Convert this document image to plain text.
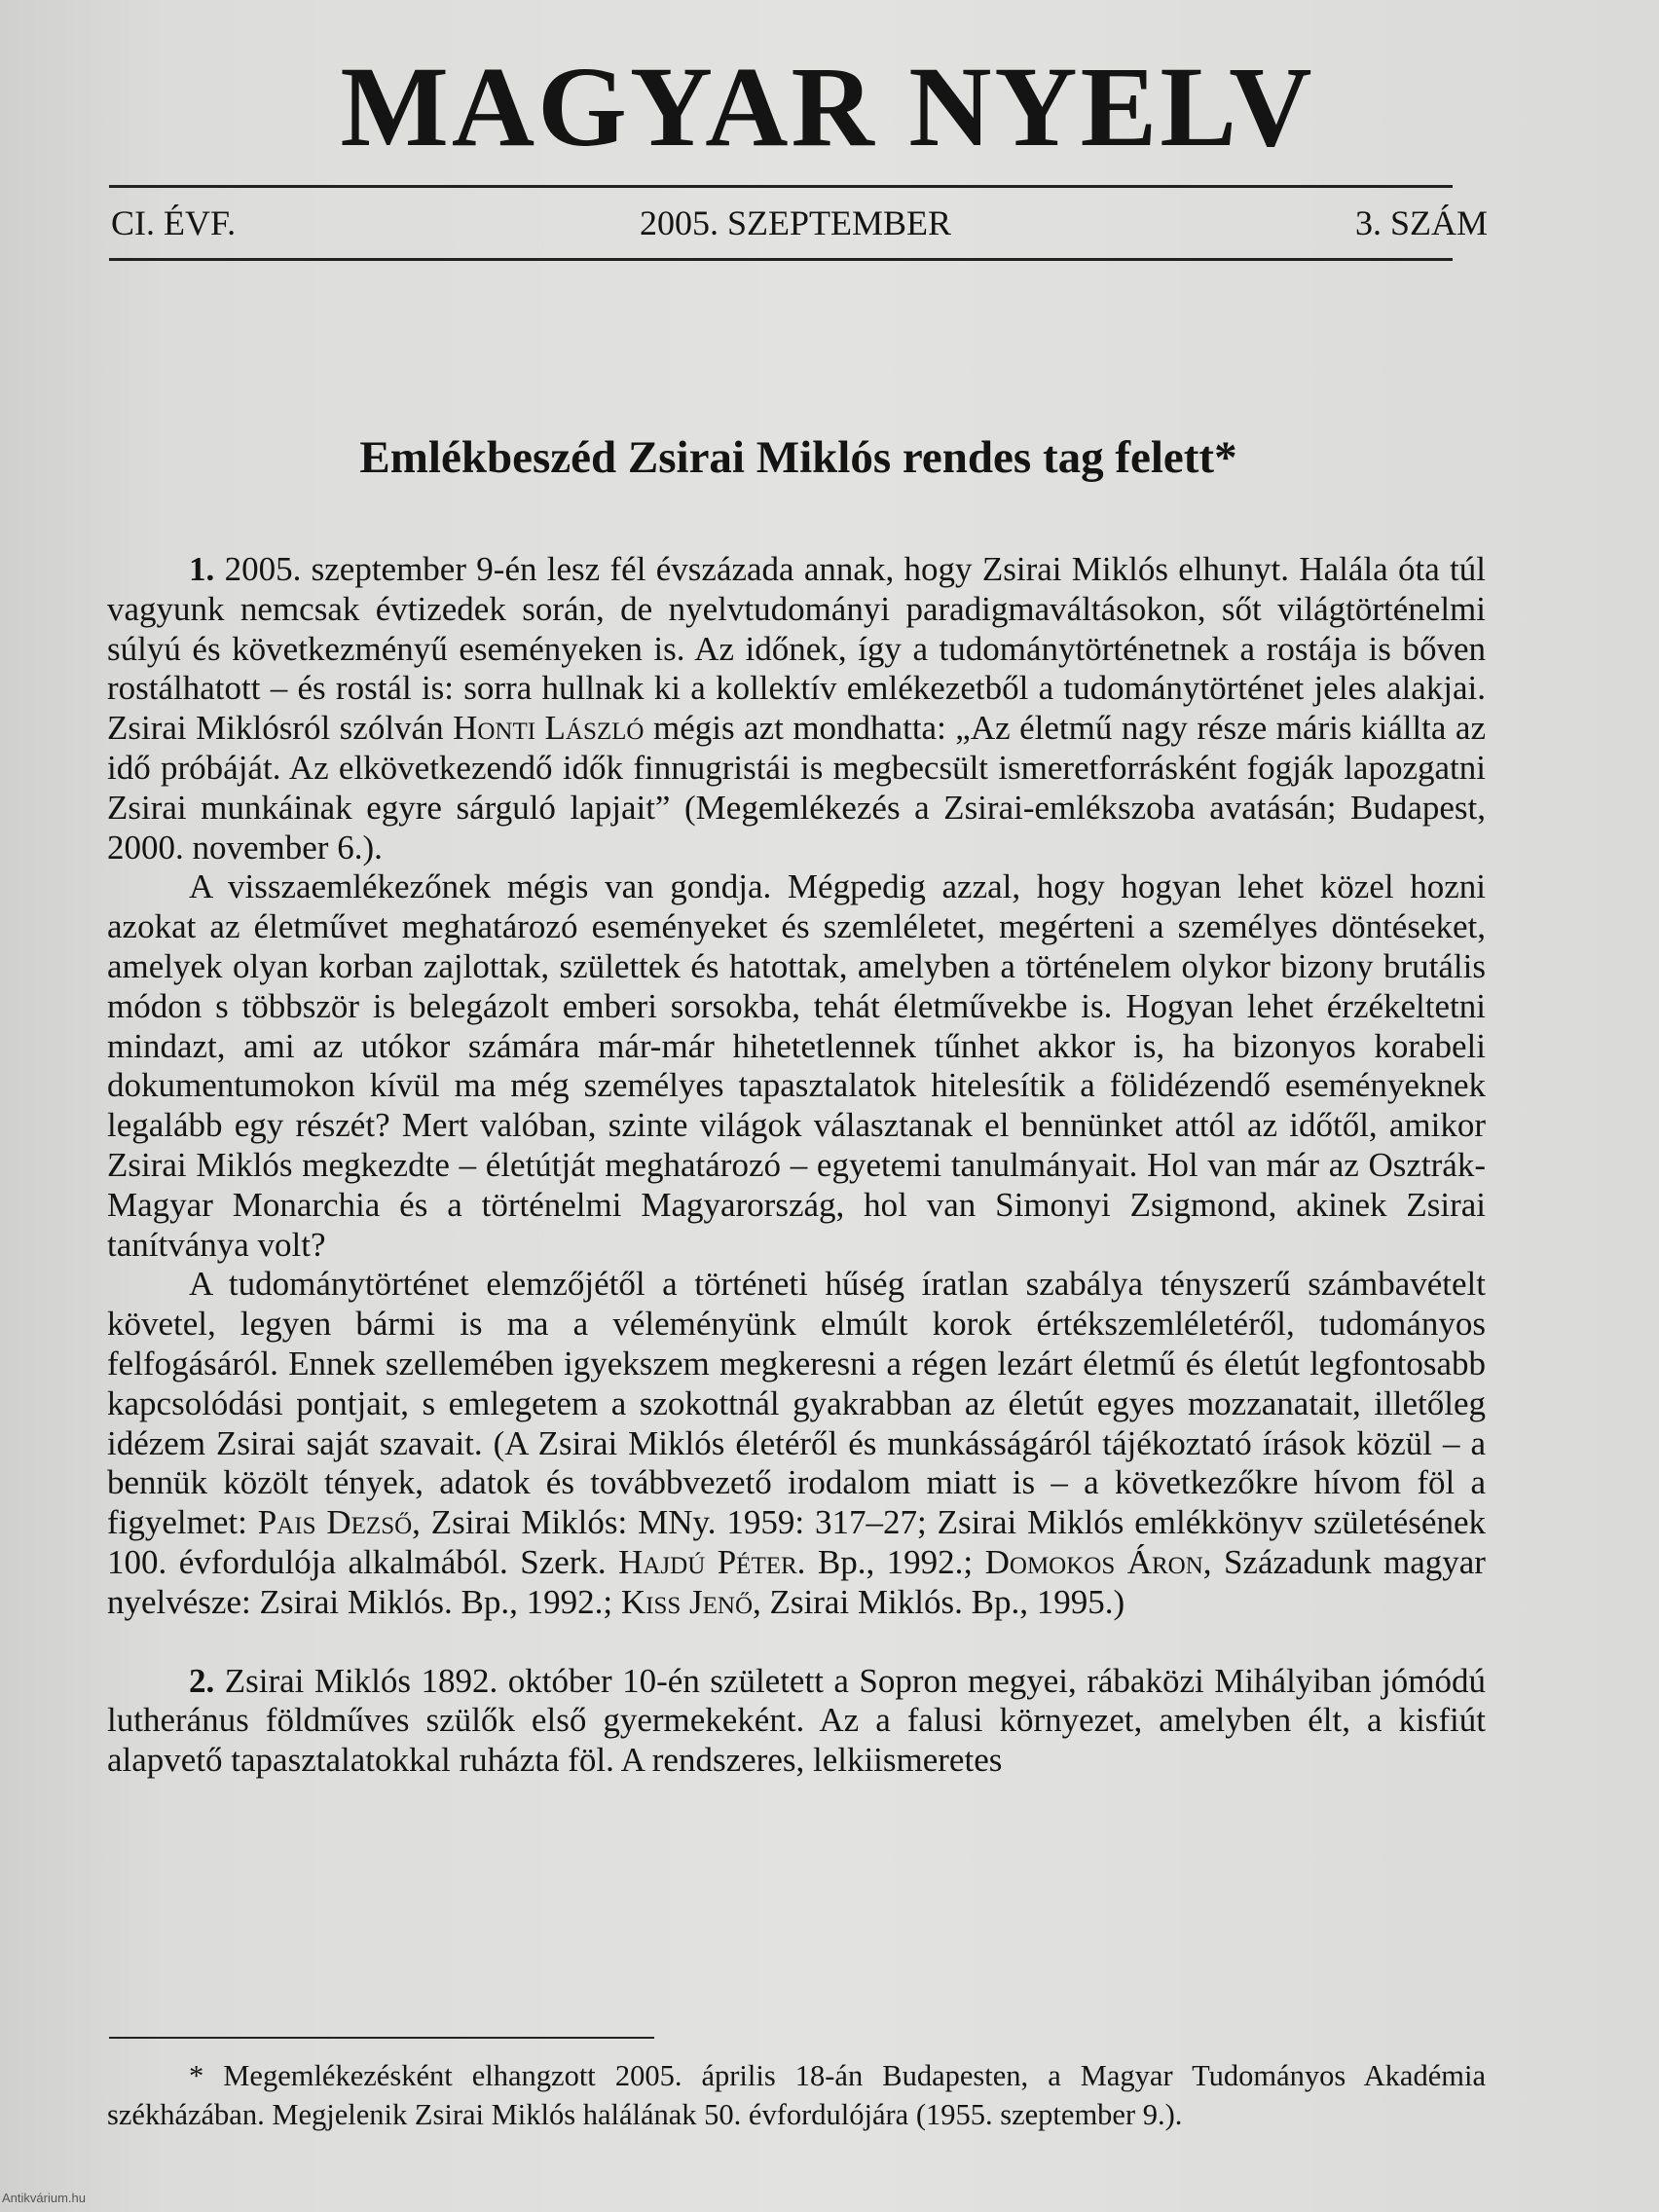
MAGYAR NYELV
CI. ÉVF.	2005. SZEPTEMBER	3. SZÁM
Emlékbeszéd Zsirai Miklós rendes tag felett*

1. 2005. szeptember 9-én lesz fél évszázada annak, hogy Zsirai Miklós elhunyt. Halála óta túl vagyunk nemcsak évtizedek során, de nyelvtudományi paradigmaváltásokon, sőt világtörténelmi súlyú és következményű eseményeken is. Az időnek, így a tudománytörténetnek a rostája is bőven rostálhatott – és rostál is: sorra hullnak ki a kollektív emlékezetből a tudománytörténet jeles alakjai. Zsirai Miklósról szólván Honti László mégis azt mondhatta: „Az életmű nagy része máris kiállta az idő próbáját. Az elkövetkezendő idők finnugristái is megbecsült ismeretforrásként fogják lapozgatni Zsirai munkáinak egyre sárguló lapjait” (Megemlékezés a Zsirai-emlékszoba avatásán; Budapest, 2000. november 6.).

A visszaemlékezőnek mégis van gondja. Mégpedig azzal, hogy hogyan lehet közel hozni azokat az életművet meghatározó eseményeket és szemléletet, megérteni a személyes döntéseket, amelyek olyan korban zajlottak, születtek és hatottak, amelyben a történelem olykor bizony brutális módon s többször is belegázolt emberi sorsokba, tehát életművekbe is. Hogyan lehet érzékeltetni mindazt, ami az utókor számára már-már hihetetlennek tűnhet akkor is, ha bizonyos korabeli dokumentumokon kívül ma még személyes tapasztalatok hitelesítik a fölidézendő eseményeknek legalább egy részét? Mert valóban, szinte világok választanak el bennünket attól az időtől, amikor Zsirai Miklós megkezdte – életútját meghatározó – egyetemi tanulmányait. Hol van már az Osztrák-Magyar Monarchia és a történelmi Magyarország, hol van Simonyi Zsigmond, akinek Zsirai tanítványa volt?

A tudománytörténet elemzőjétől a történeti hűség íratlan szabálya tényszerű számbavételt követel, legyen bármi is ma a véleményünk elmúlt korok értékszemléletéről, tudományos felfogásáról. Ennek szellemében igyekszem megkeresni a régen lezárt életmű és életút legfontosabb kapcsolódási pontjait, s emlegetem a szokottnál gyakrabban az életút egyes mozzanatait, illetőleg idézem Zsirai saját szavait. (A Zsirai Miklós életéről és munkásságáról tájékoztató írások közül – a bennük közölt tények, adatok és továbbvezető irodalom miatt is – a következőkre hívom föl a figyelmet: Pais Dezső, Zsirai Miklós: MNy. 1959: 317–27; Zsirai Miklós emlékkönyv születésének 100. évfordulója alkalmából. Szerk. Hajdú Péter. Bp., 1992.; Domokos Áron, Századunk magyar nyelvésze: Zsirai Miklós. Bp., 1992.; Kiss Jenő, Zsirai Miklós. Bp., 1995.)

2. Zsirai Miklós 1892. október 10-én született a Sopron megyei, rábaközi Mihályiban jómódú lutheránus földműves szülők első gyermekeként. Az a falusi környezet, amelyben élt, a kisfiút alapvető tapasztalatokkal ruházta föl. A rendszeres, lelkiismeretes

* Megemlékezésként elhangzott 2005. április 18-án Budapesten, a Magyar Tudományos Akadémia székházában. Megjelenik Zsirai Miklós halálának 50. évfordulójára (1955. szeptember 9.).

Antikvárium.hu
